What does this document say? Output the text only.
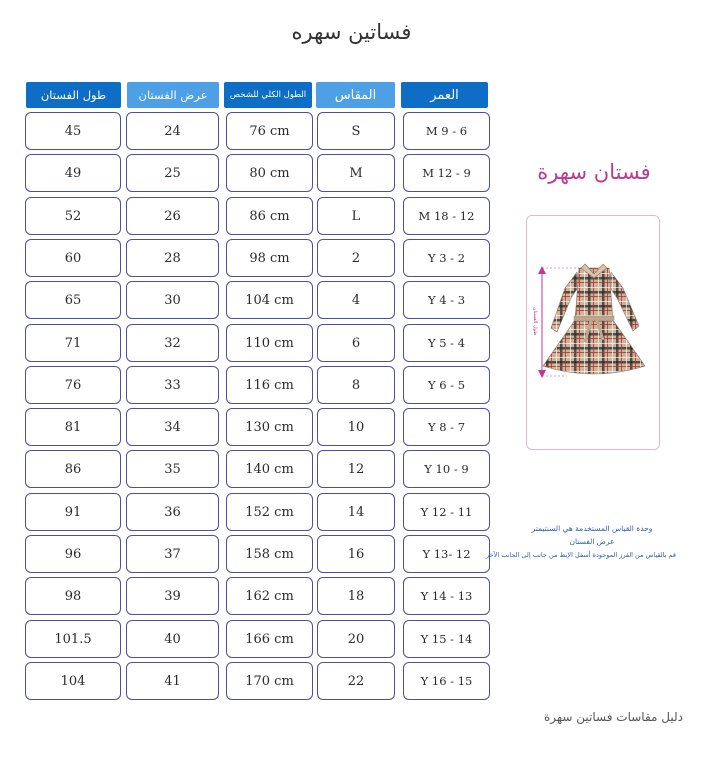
فساتين سهره
طول الفستان	عرض الفستان	الطول الكلي للشخص	المقاس	العمر
45	24	76 cm	S	M 9 - 6
49	25	80 cm	M	M 12 - 9
52	26	86 cm	L	M 18 - 12
60	28	98 cm	2	Y 3 - 2
65	30	104 cm	4	Y 4 - 3
71	32	110 cm	6	Y 5 - 4
76	33	116 cm	8	Y 6 - 5
81	34	130 cm	10	Y 8 - 7
86	35	140 cm	12	Y 10 - 9
91	36	152 cm	14	Y 12 - 11
96	37	158 cm	16	Y 13- 12
98	39	162 cm	18	Y 14 - 13
101.5	40	166 cm	20	Y 15 - 14
104	41	170 cm	22	Y 16 - 15
فستان سهرة
طول الفستان
وحدة القياس المستخدمة هي السنتيمتر
عرض الفستان
قم بالقياس من الفرز الموجودة أسفل الإبط من جانب إلى الجانب الآخر
دليل مقاسات فساتين سهرة
